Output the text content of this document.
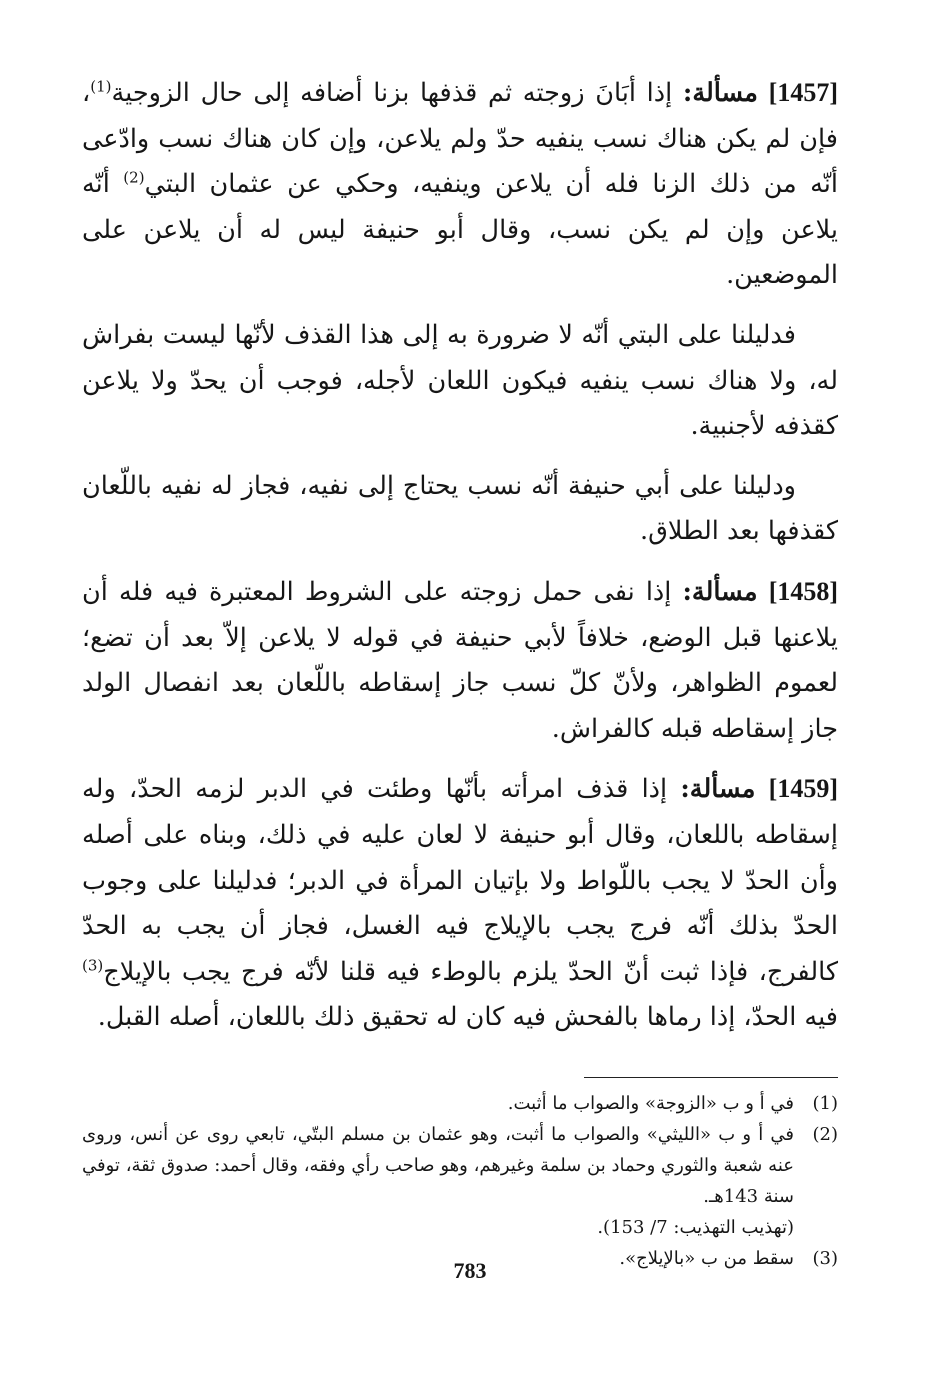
[1457] مسألة: إذا أبَانَ زوجته ثم قذفها بزنا أضافه إلى حال الزوجية$^{(1)}$، فإن لم يكن هناك نسب ينفيه حدّ ولم يلاعن، وإن كان هناك نسب وادّعى أنّه من ذلك الزنا فله أن يلاعن وينفيه، وحكي عن عثمان البتي$^{(2)}$ أنّه يلاعن وإن لم يكن نسب، وقال أبو حنيفة ليس له أن يلاعن على الموضعين.

فدليلنا على البتي أنّه لا ضرورة به إلى هذا القذف لأنّها ليست بفراش له، ولا هناك نسب ينفيه فيكون اللعان لأجله، فوجب أن يحدّ ولا يلاعن كقذفه لأجنبية.

ودليلنا على أبي حنيفة أنّه نسب يحتاج إلى نفيه، فجاز له نفيه باللّعان كقذفها بعد الطلاق.

[1458] مسألة: إذا نفى حمل زوجته على الشروط المعتبرة فيه فله أن يلاعنها قبل الوضع، خلافاً لأبي حنيفة في قوله لا يلاعن إلاّ بعد أن تضع؛ لعموم الظواهر، ولأنّ كلّ نسب جاز إسقاطه باللّعان بعد انفصال الولد جاز إسقاطه قبله كالفراش.

[1459] مسألة: إذا قذف امرأته بأنّها وطئت في الدبر لزمه الحدّ، وله إسقاطه باللعان، وقال أبو حنيفة لا لعان عليه في ذلك، وبناه على أصله وأن الحدّ لا يجب باللّواط ولا بإتيان المرأة في الدبر؛ فدليلنا على وجوب الحدّ بذلك أنّه فرج يجب بالإيلاج فيه الغسل، فجاز أن يجب به الحدّ كالفرج، فإذا ثبت أنّ الحدّ يلزم بالوطء فيه قلنا لأنّه فرج يجب بالإيلاج$^{(3)}$ فيه الحدّ، إذا رماها بالفحش فيه كان له تحقيق ذلك باللعان، أصله القبل.

(1)
في أ و ب «الزوجة» والصواب ما أثبت.
(2)
في أ و ب «الليثي» والصواب ما أثبت، وهو عثمان بن مسلم البتّي، تابعي روى عن أنس، وروى عنه شعبة والثوري وحماد بن سلمة وغيرهم، وهو صاحب رأي وفقه، وقال أحمد: صدوق ثقة، توفي سنة 143هـ.
(تهذيب التهذيب: 7/ 153).
(3)
سقط من ب «بالإيلاج».
783
